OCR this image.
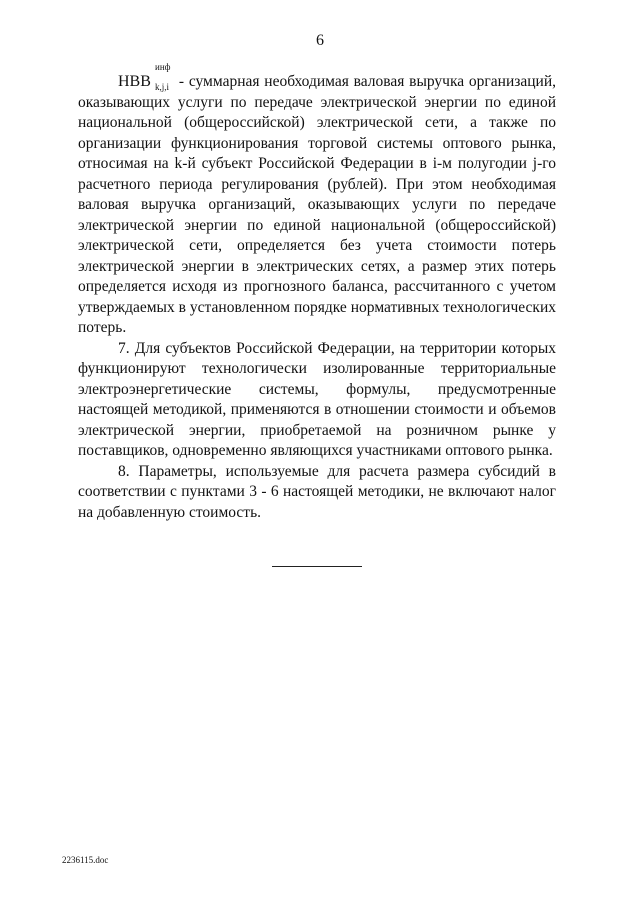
6

НВВ
инф
k,j,i - суммарная необходимая валовая выручка организаций, оказывающих услуги по передаче электрической энергии по единой национальной (общероссийской) электрической сети, а также по организации функционирования торговой системы оптового рынка, относимая на k-й субъект Российской Федерации в i-м полугодии j-го расчетного периода регулирования (рублей). При этом необходимая валовая выручка организаций, оказывающих услуги по передаче электрической энергии по единой национальной (общероссийской) электрической сети, определяется без учета стоимости потерь электрической энергии в электрических сетях, а размер этих потерь определяется исходя из прогнозного баланса, рассчитанного с учетом утверждаемых в установленном порядке нормативных технологических потерь.

7. Для субъектов Российской Федерации, на территории которых функционируют технологически изолированные территориальные электроэнергетические системы, формулы, предусмотренные настоящей методикой, применяются в отношении стоимости и объемов электрической энергии, приобретаемой на розничном рынке у поставщиков, одновременно являющихся участниками оптового рынка.

8. Параметры, используемые для расчета размера субсидий в соответствии с пунктами 3 - 6 настоящей методики, не включают налог на добавленную стоимость.

2236115.doc
